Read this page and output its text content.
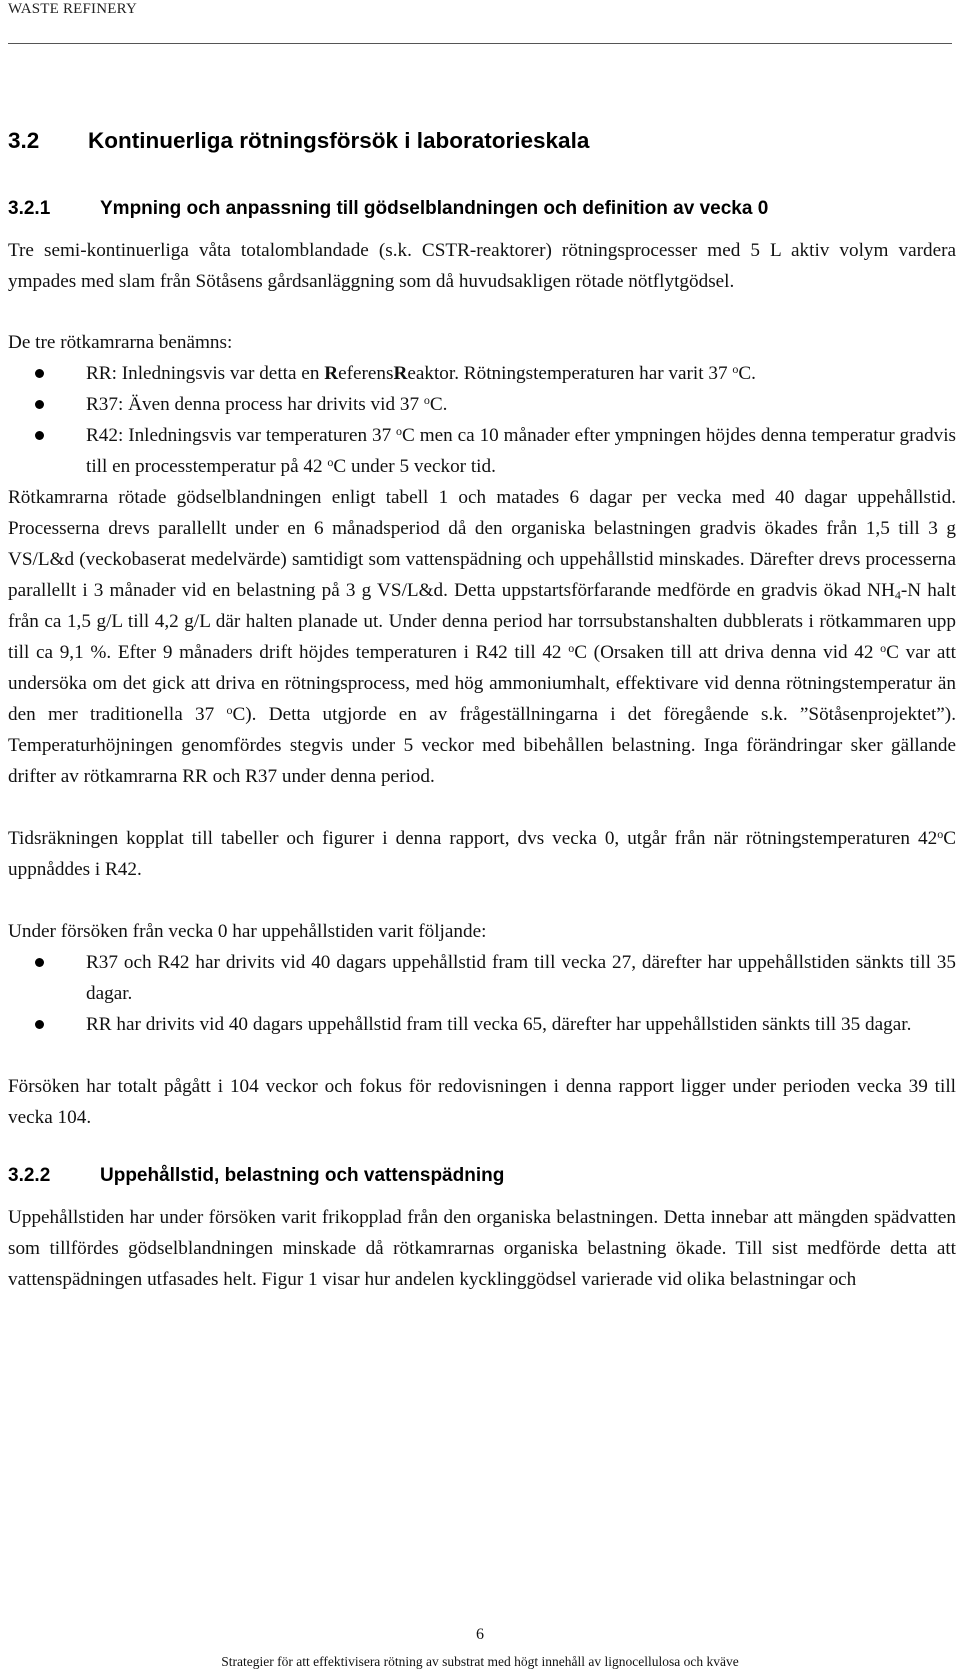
WASTE REFINERY
3.2 Kontinuerliga rötningsförsök i laboratorieskala
3.2.1	Ympning och anpassning till gödselblandningen och definition av vecka 0

Tre semi-kontinuerliga våta totalomblandade (s.k. CSTR-reaktorer) rötningsprocesser med 5 L aktiv volym vardera ympades med slam från Sötåsens gårdsanläggning som då huvudsakligen rötade nötflytgödsel.

De tre rötkamrarna benämns:

RR: Inledningsvis var detta en ReferensReaktor. Rötningstemperaturen har varit 37 $^o$C.
R37: Även denna process har drivits vid 37 $^o$C.
R42: Inledningsvis var temperaturen 37 $^o$C men ca 10 månader efter ympningen höjdes denna temperatur gradvis till en processtemperatur på 42 $^o$C under 5 veckor tid.

Rötkamrarna rötade gödselblandningen enligt tabell 1 och matades 6 dagar per vecka med 40 dagar uppehållstid. Processerna drevs parallellt under en 6 månadsperiod då den organiska belastningen gradvis ökades från 1,5 till 3 g VS/L&d (veckobaserat medelvärde) samtidigt som vattenspädning och uppehållstid minskades. Därefter drevs processerna parallellt i 3 månader vid en belastning på 3 g VS/L&d. Detta uppstartsförfarande medförde en gradvis ökad $NH_4-N$ halt från ca 1,5 g/L till 4,2 g/L där halten planade ut. Under denna period har torrsubstanshalten dubblerats i rötkammaren upp till ca 9,1 %. Efter 9 månaders drift höjdes temperaturen i R42 till 42 $^o$C (Orsaken till att driva denna vid 42 $^o$C var att undersöka om det gick att driva en rötningsprocess, med hög ammoniumhalt, effektivare vid denna rötningstemperatur än den mer traditionella 37 $^o$C). Detta utgjorde en av frågeställningarna i det föregående s.k. ”Sötåsenprojektet”). Temperaturhöjningen genomfördes stegvis under 5 veckor med bibehållen belastning. Inga förändringar sker gällande drifter av rötkamrarna RR och R37 under denna period.

Tidsräkningen kopplat till tabeller och figurer i denna rapport, dvs vecka 0, utgår från när rötningstemperaturen 42$^o$C uppnåddes i R42.

Under försöken från vecka 0 har uppehållstiden varit följande:

R37 och R42 har drivits vid 40 dagars uppehållstid fram till vecka 27, därefter har uppehållstiden sänkts till 35 dagar.
RR har drivits vid 40 dagars uppehållstid fram till vecka 65, därefter har uppehållstiden sänkts till 35 dagar.

Försöken har totalt pågått i 104 veckor och fokus för redovisningen i denna rapport ligger under perioden vecka 39 till vecka 104.

3.2.2	Uppehållstid, belastning och vattenspädning

Uppehållstiden har under försöken varit frikopplad från den organiska belastningen. Detta innebar att mängden spädvatten som tillfördes gödselblandningen minskade då rötkamrarnas organiska belastning ökade. Till sist medförde detta att vattenspädningen utfasades helt. Figur 1 visar hur andelen kycklinggödsel varierade vid olika belastningar och

6
Strategier för att effektivisera rötning av substrat med högt innehåll av lignocellulosa och kväve
